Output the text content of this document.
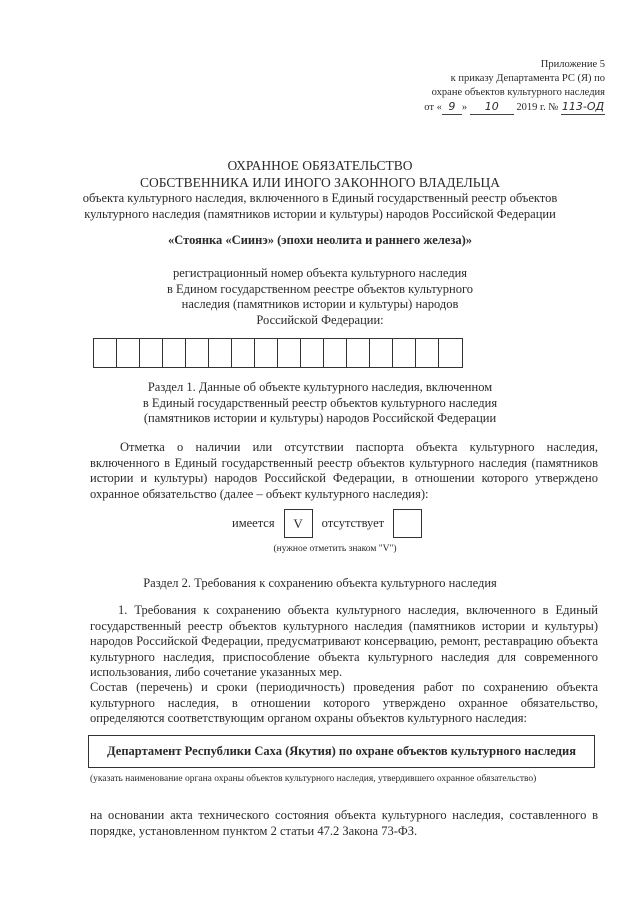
Приложение 5
к приказу Департамента РС (Я) по
охране объектов культурного наследия
от « 9 » 10 2019 г. № 113-ОД
ОХРАННОЕ ОБЯЗАТЕЛЬСТВО
СОБСТВЕННИКА ИЛИ ИНОГО ЗАКОННОГО ВЛАДЕЛЬЦА
объекта культурного наследия, включенного в Единый государственный реестр объектов
культурного наследия (памятников истории и культуры) народов Российской Федерации
«Стоянка «Сиинэ» (эпохи неолита и раннего железа)»
регистрационный номер объекта культурного наследия
в Едином государственном реестре объектов культурного
наследия (памятников истории и культуры) народов
Российской Федерации:
Раздел 1. Данные об объекте культурного наследия, включенном
в Единый государственный реестр объектов культурного наследия
(памятников истории и культуры) народов Российской Федерации
Отметка о наличии или отсутствии паспорта объекта культурного наследия, включенного в Единый государственный реестр объектов культурного наследия (памятников истории и культуры) народов Российской Федерации, в отношении которого утверждено охранное обязательство (далее – объект культурного наследия):
имеется	V	отсутствует
(нужное отметить знаком "V")
Раздел 2. Требования к сохранению объекта культурного наследия
1. Требования к сохранению объекта культурного наследия, включенного в Единый государственный реестр объектов культурного наследия (памятников истории и культуры) народов Российской Федерации, предусматривают консервацию, ремонт, реставрацию объекта культурного наследия, приспособление объекта культурного наследия для современного использования, либо сочетание указанных мер.
Состав (перечень) и сроки (периодичность) проведения работ по сохранению объекта культурного наследия, в отношении которого утверждено охранное обязательство, определяются соответствующим органом охраны объектов культурного наследия:
Департамент Республики Саха (Якутия) по охране объектов культурного наследия
(указать наименование органа охраны объектов культурного наследия, утвердившего охранное обязательство)
на основании акта технического состояния объекта культурного наследия, составленного в порядке, установленном пунктом 2 статьи 47.2 Закона 73-ФЗ.
